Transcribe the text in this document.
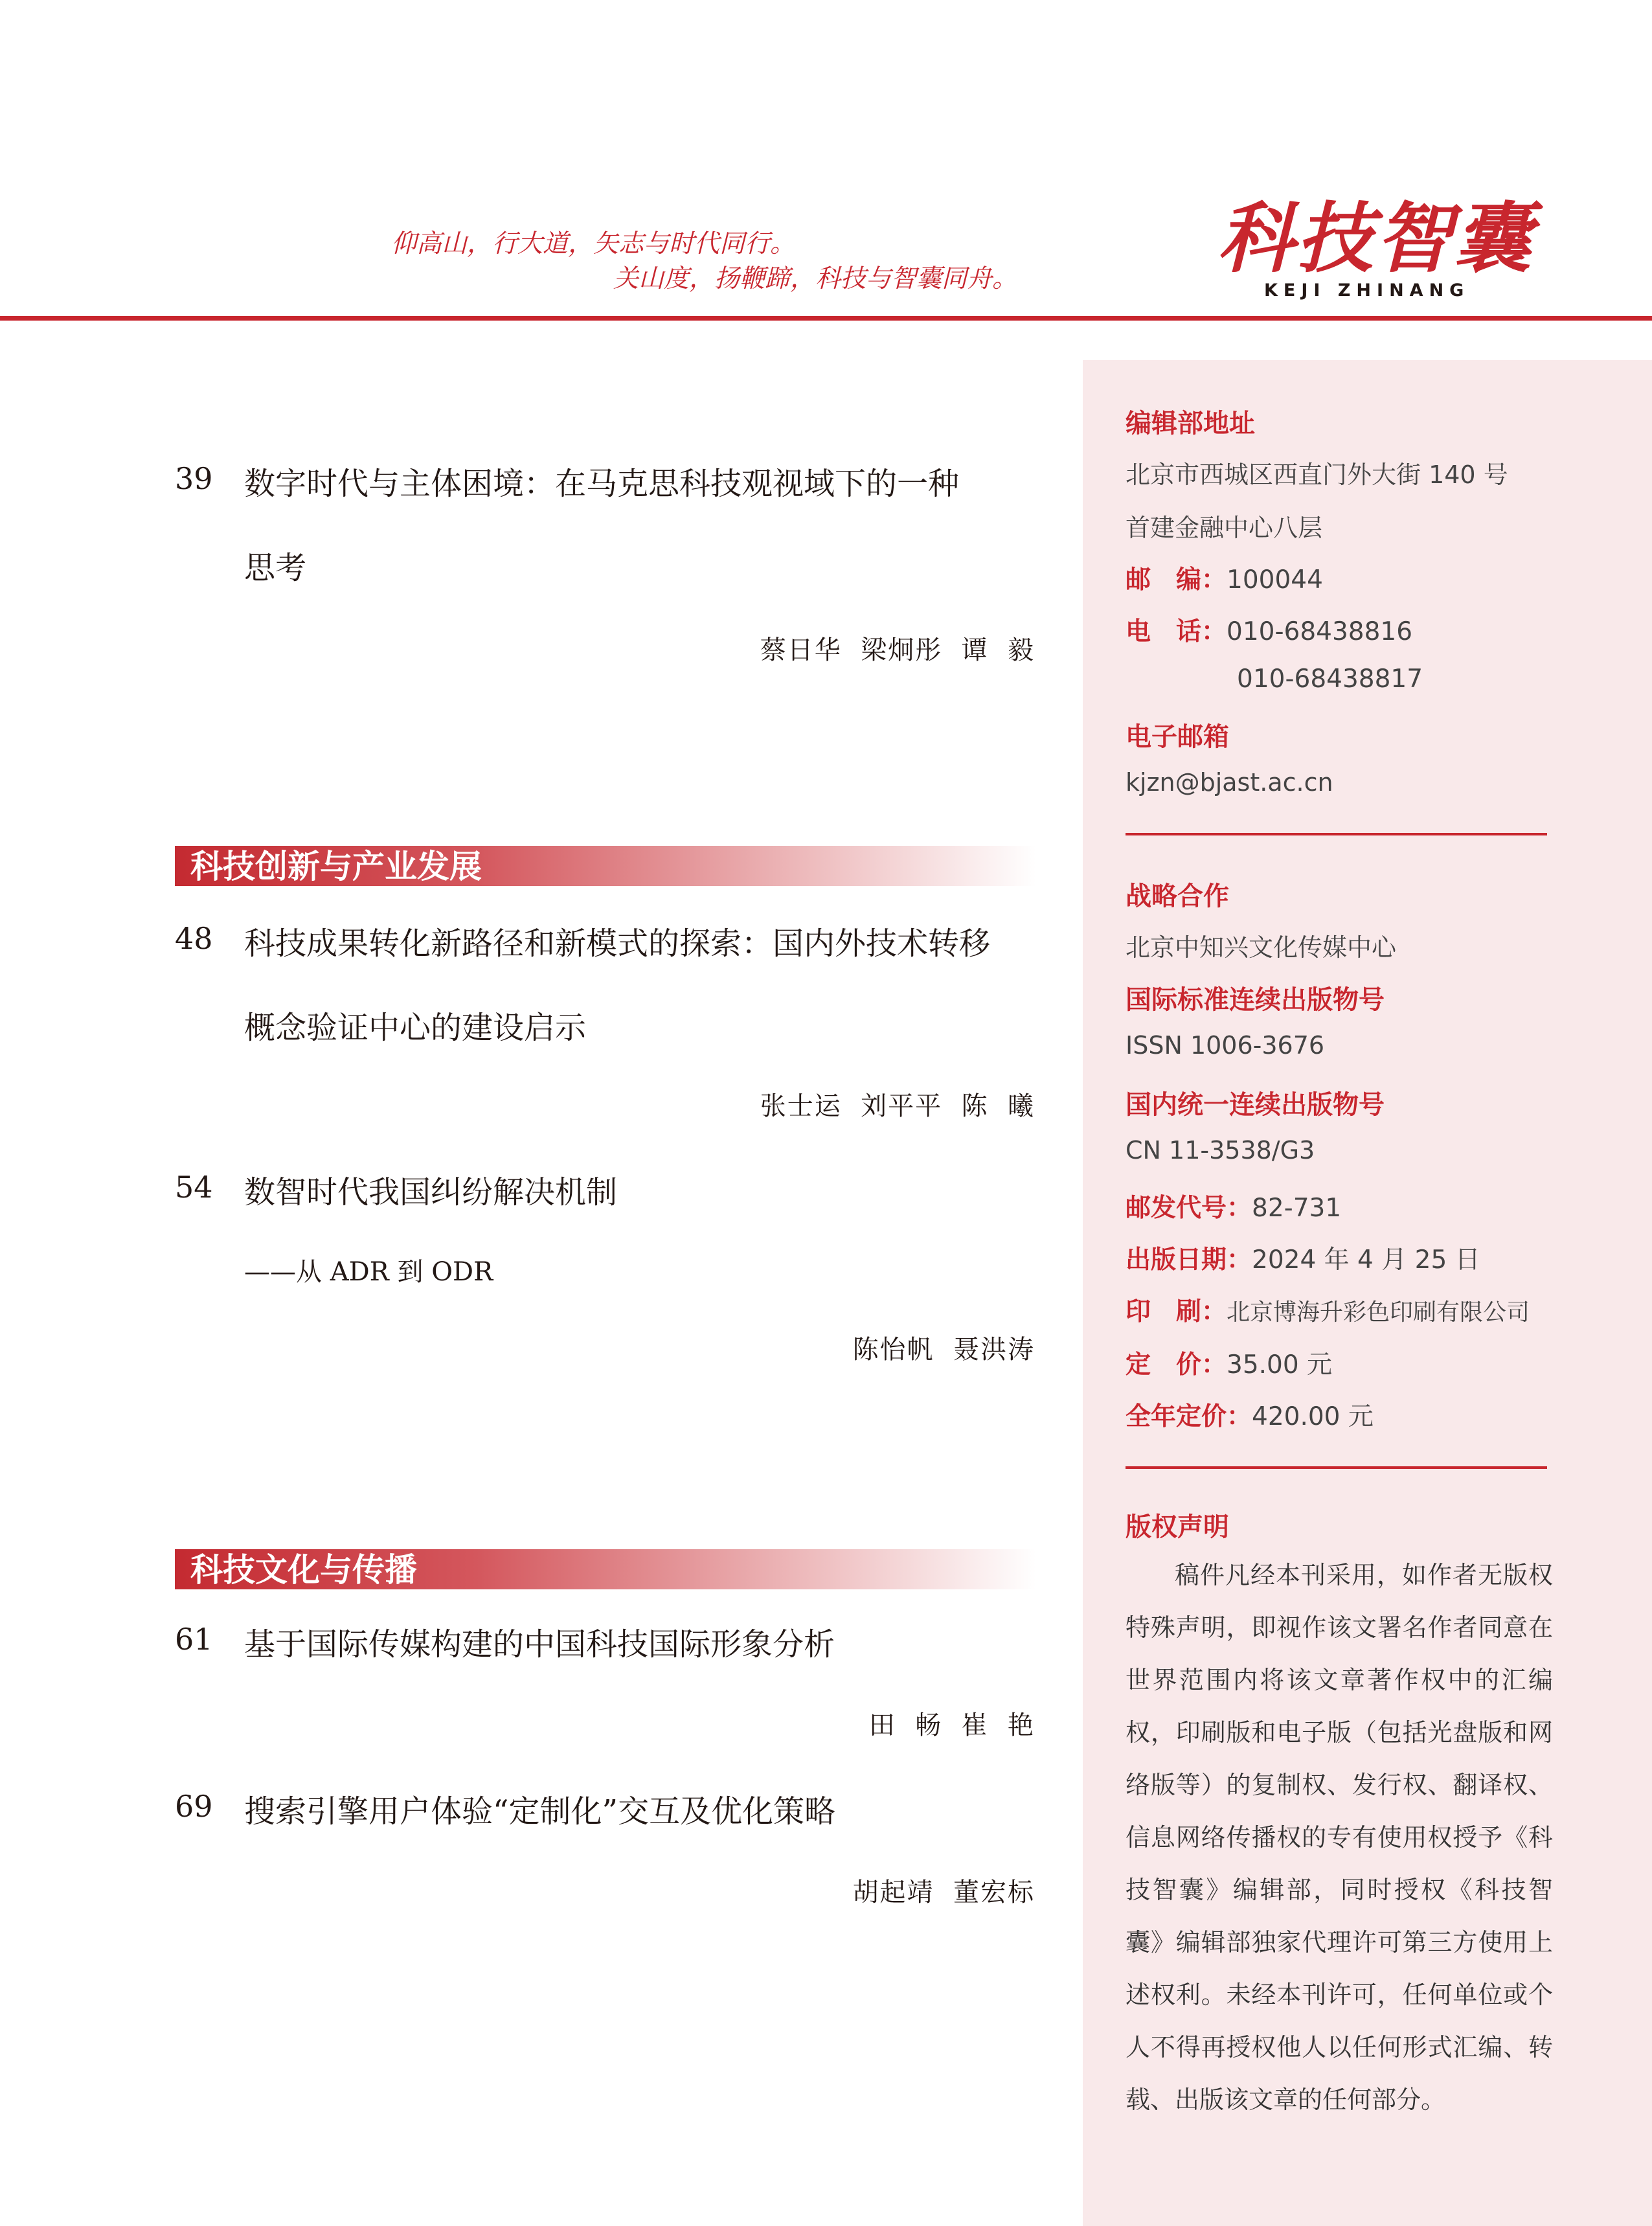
仰高山，行大道，矢志与时代同行。
关山度，扬鞭蹄，科技与智囊同舟。	科技智囊
KEJI ZHINANG
39 数字时代与主体困境：在马克思科技观视域下的一种
思考
蔡日华  梁炯彤  谭  毅
科技创新与产业发展
48 科技成果转化新路径和新模式的探索：国内外技术转移
概念验证中心的建设启示
张士运  刘平平  陈  曦
54 数智时代我国纠纷解决机制
——从 ADR 到 ODR
陈怡帆  聂洪涛
科技文化与传播
61 基于国际传媒构建的中国科技国际形象分析
田  畅  崔  艳
69 搜索引擎用户体验“定制化”交互及优化策略
胡起靖  董宏标
编辑部地址
北京市西城区西直门外大街 140 号
首建金融中心八层
邮　编：100044
电　话：010-68438816
010-68438817
电子邮箱
kjzn@bjast.ac.cn
战略合作
北京中知兴文化传媒中心
国际标准连续出版物号
ISSN 1006-3676
国内统一连续出版物号
CN 11-3538/G3
邮发代号：82-731
出版日期：2024 年 4 月 25 日
印　刷：北京博海升彩色印刷有限公司
定　价：35.00 元
全年定价：420.00 元
版权声明
稿件凡经本刊采用，如作者无版权特殊声明，即视作该文署名作者同意在世界范围内将该文章著作权中的汇编权，印刷版和电子版（包括光盘版和网络版等）的复制权、发行权、翻译权、信息网络传播权的专有使用权授予《科技智囊》编辑部，同时授权《科技智囊》编辑部独家代理许可第三方使用上述权利。未经本刊许可，任何单位或个人不得再授权他人以任何形式汇编、转载、出版该文章的任何部分。
